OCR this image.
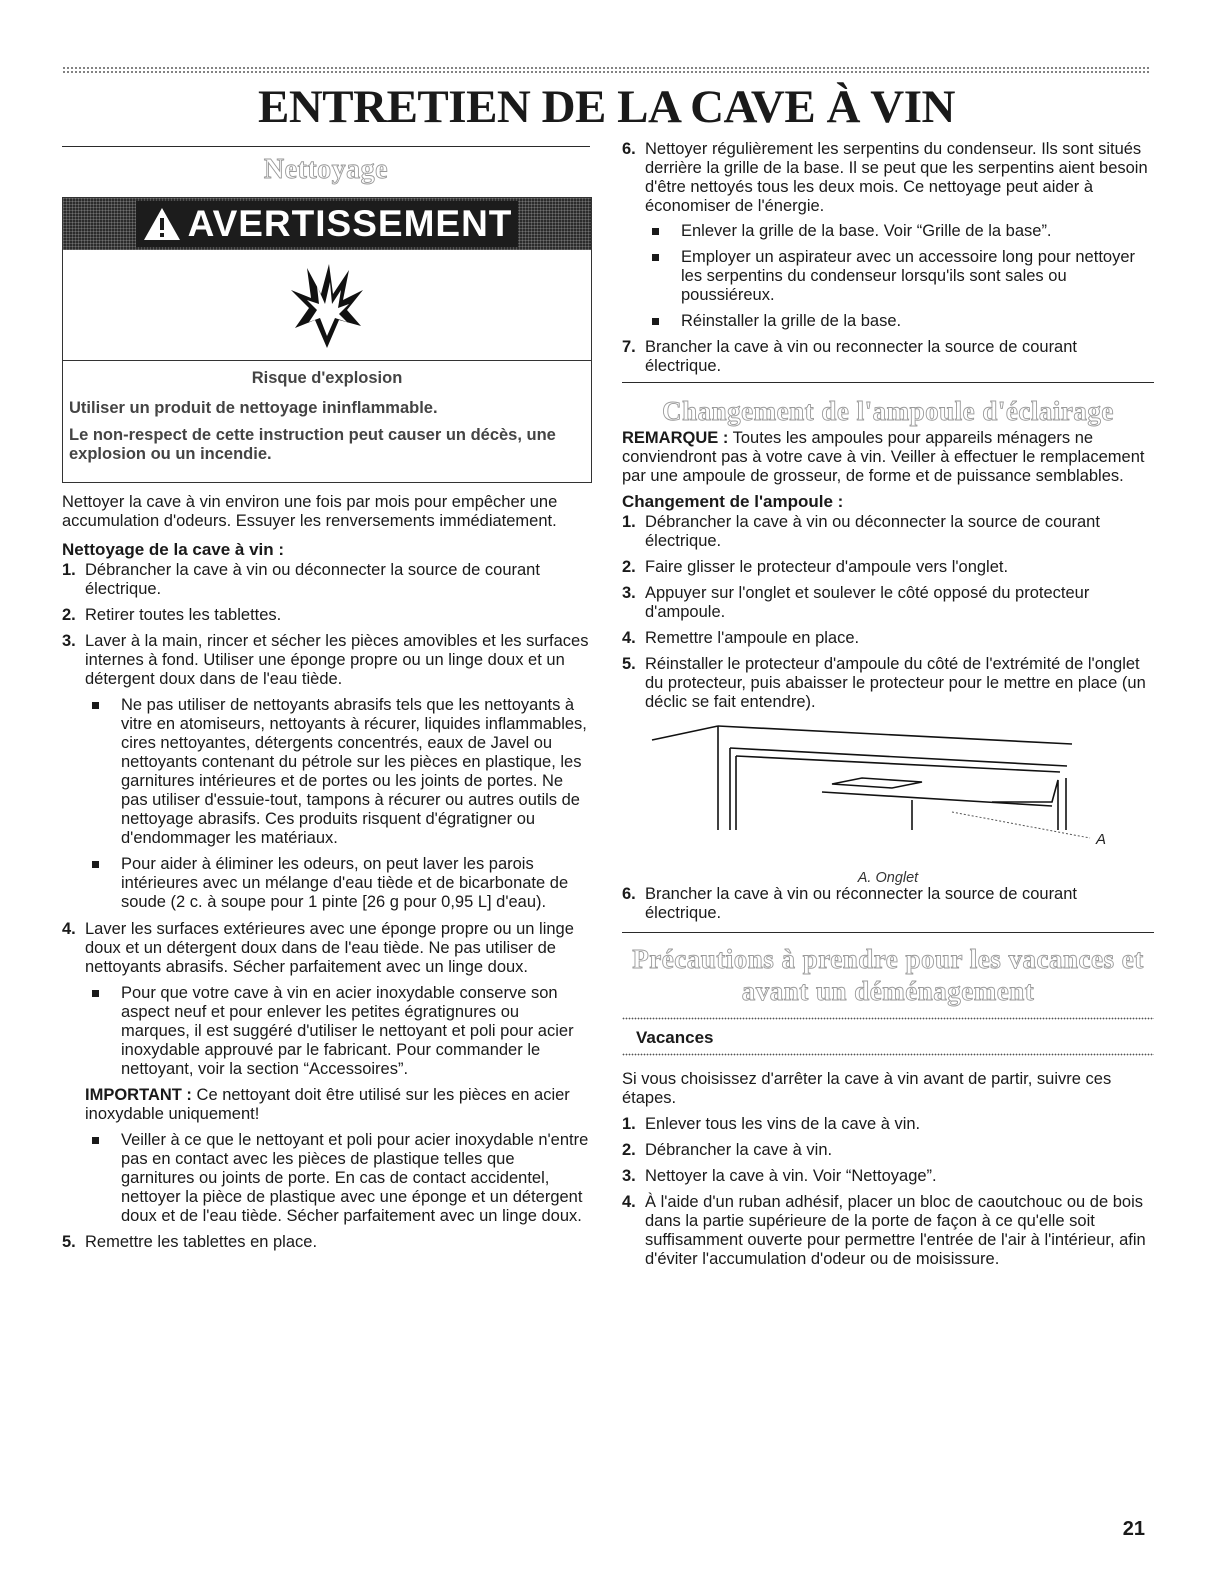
ENTRETIEN DE LA CAVE À VIN
Nettoyage
AVERTISSEMENT

Risque d'explosion

Utiliser un produit de nettoyage ininflammable.

Le non-respect de cette instruction peut causer un décès, une explosion ou un incendie.

Nettoyer la cave à vin environ une fois par mois pour empêcher une accumulation d'odeurs. Essuyer les renversements immédiatement.

Nettoyage de la cave à vin :

1. Débrancher la cave à vin ou déconnecter la source de courant électrique.
2. Retirer toutes les tablettes.
3. Laver à la main, rincer et sécher les pièces amovibles et les surfaces internes à fond. Utiliser une éponge propre ou un linge doux et un détergent doux dans de l'eau tiède.
Ne pas utiliser de nettoyants abrasifs tels que les nettoyants à vitre en atomiseurs, nettoyants à récurer, liquides inflammables, cires nettoyantes, détergents concentrés, eaux de Javel ou nettoyants contenant du pétrole sur les pièces en plastique, les garnitures intérieures et de portes ou les joints de portes. Ne pas utiliser d'essuie-tout, tampons à récurer ou autres outils de nettoyage abrasifs. Ces produits risquent d'égratigner ou d'endommager les matériaux.
Pour aider à éliminer les odeurs, on peut laver les parois intérieures avec un mélange d'eau tiède et de bicarbonate de soude (2 c. à soupe pour 1 pinte [26 g pour 0,95 L] d'eau).
4. Laver les surfaces extérieures avec une éponge propre ou un linge doux et un détergent doux dans de l'eau tiède. Ne pas utiliser de nettoyants abrasifs. Sécher parfaitement avec un linge doux.
Pour que votre cave à vin en acier inoxydable conserve son aspect neuf et pour enlever les petites égratignures ou marques, il est suggéré d'utiliser le nettoyant et poli pour acier inoxydable approuvé par le fabricant. Pour commander le nettoyant, voir la section “Accessoires”.

IMPORTANT : Ce nettoyant doit être utilisé sur les pièces en acier inoxydable uniquement!

Veiller à ce que le nettoyant et poli pour acier inoxydable n'entre pas en contact avec les pièces de plastique telles que garnitures ou joints de porte. En cas de contact accidentel, nettoyer la pièce de plastique avec une éponge et un détergent doux et de l'eau tiède. Sécher parfaitement avec un linge doux.
5. Remettre les tablettes en place.
6. Nettoyer régulièrement les serpentins du condenseur. Ils sont situés derrière la grille de la base. Il se peut que les serpentins aient besoin d'être nettoyés tous les deux mois. Ce nettoyage peut aider à économiser de l'énergie.
Enlever la grille de la base. Voir “Grille de la base”.
Employer un aspirateur avec un accessoire long pour nettoyer les serpentins du condenseur lorsqu'ils sont sales ou poussiéreux.
Réinstaller la grille de la base.
7. Brancher la cave à vin ou reconnecter la source de courant électrique.
Changement de l'ampoule d'éclairage

REMARQUE : Toutes les ampoules pour appareils ménagers ne conviendront pas à votre cave à vin. Veiller à effectuer le remplacement par une ampoule de grosseur, de forme et de puissance semblables.

Changement de l'ampoule :

1. Débrancher la cave à vin ou déconnecter la source de courant électrique.
2. Faire glisser le protecteur d'ampoule vers l'onglet.
3. Appuyer sur l'onglet et soulever le côté opposé du protecteur d'ampoule.
4. Remettre l'ampoule en place.
5. Réinstaller le protecteur d'ampoule du côté de l'extrémité de l'onglet du protecteur, puis abaisser le protecteur pour le mettre en place (un déclic se fait entendre).
A
A. Onglet
6. Brancher la cave à vin ou réconnecter la source de courant électrique.
Précautions à prendre pour les vacances et
avant un déménagement

Vacances

Si vous choisissez d'arrêter la cave à vin avant de partir, suivre ces étapes.

1. Enlever tous les vins de la cave à vin.
2. Débrancher la cave à vin.
3. Nettoyer la cave à vin. Voir “Nettoyage”.
4. À l'aide d'un ruban adhésif, placer un bloc de caoutchouc ou de bois dans la partie supérieure de la porte de façon à ce qu'elle soit suffisamment ouverte pour permettre l'entrée de l'air à l'intérieur, afin d'éviter l'accumulation d'odeur ou de moisissure.
21
